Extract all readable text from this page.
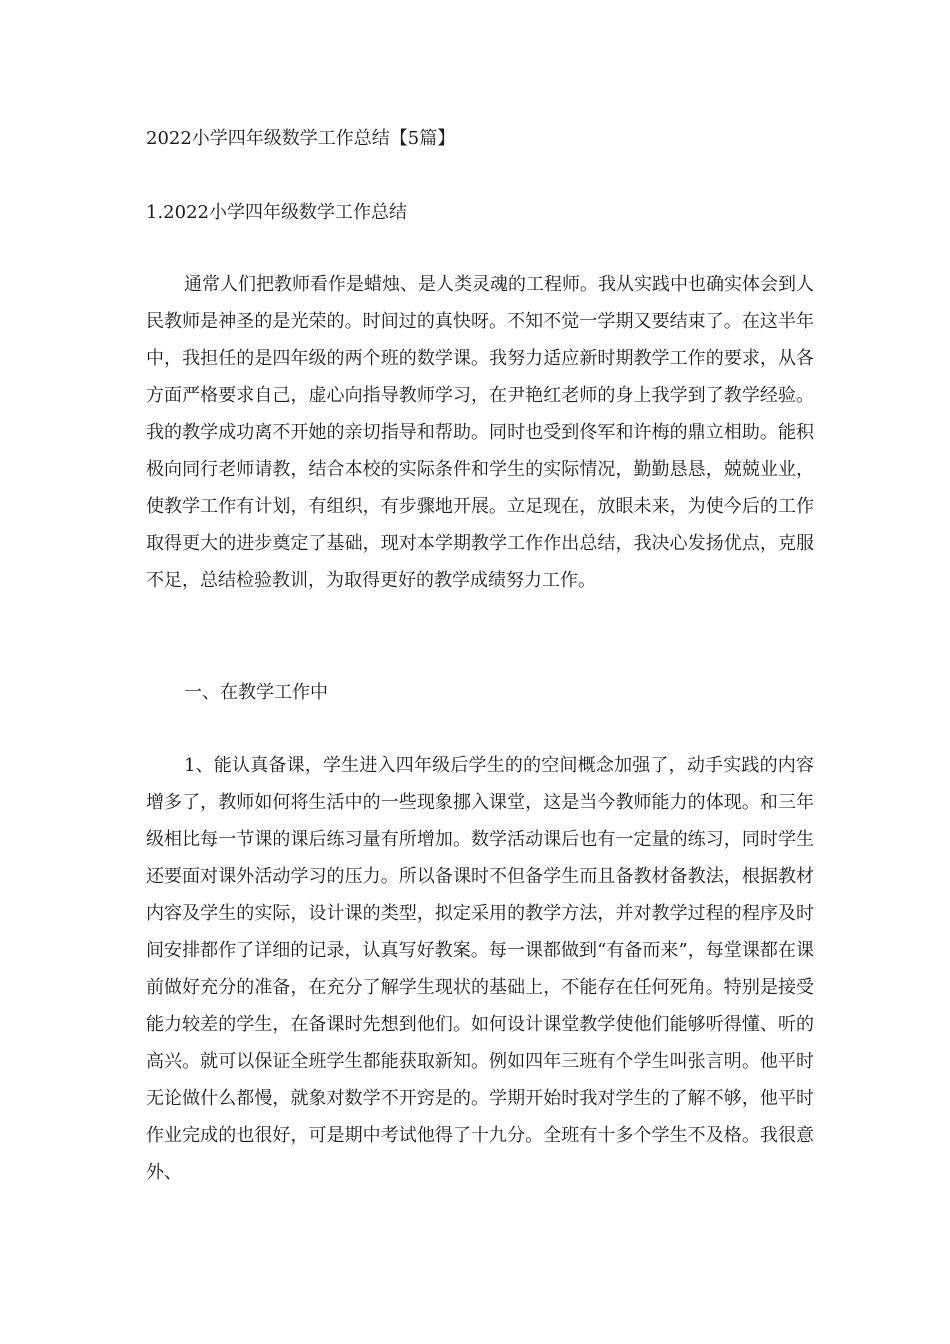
2022小学四年级数学工作总结【5篇】
1.2022小学四年级数学工作总结

通常人们把教师看作是蜡烛、是人类灵魂的工程师。我从实践中也确实体会到人民教师是神圣的是光荣的。时间过的真快呀。不知不觉一学期又要结束了。在这半年中，我担任的是四年级的两个班的数学课。我努力适应新时期教学工作的要求，从各方面严格要求自己，虚心向指导教师学习，在尹艳红老师的身上我学到了教学经验。我的教学成功离不开她的亲切指导和帮助。同时也受到佟军和许梅的鼎立相助。能积极向同行老师请教，结合本校的实际条件和学生的实际情况，勤勤恳恳，兢兢业业，使教学工作有计划，有组织，有步骤地开展。立足现在，放眼未来，为使今后的工作取得更大的进步奠定了基础，现对本学期教学工作作出总结，我决心发扬优点，克服不足，总结检验教训，为取得更好的教学成绩努力工作。

一、在教学工作中

1、能认真备课，学生进入四年级后学生的的空间概念加强了，动手实践的内容增多了，教师如何将生活中的一些现象挪入课堂，这是当今教师能力的体现。和三年级相比每一节课的课后练习量有所增加。数学活动课后也有一定量的练习，同时学生还要面对课外活动学习的压力。所以备课时不但备学生而且备教材备教法，根据教材内容及学生的实际，设计课的类型，拟定采用的教学方法，并对教学过程的程序及时间安排都作了详细的记录，认真写好教案。每一课都做到“有备而来”，每堂课都在课前做好充分的准备，在充分了解学生现状的基础上，不能存在任何死角。特别是接受能力较差的学生，在备课时先想到他们。如何设计课堂教学使他们能够听得懂、听的高兴。就可以保证全班学生都能获取新知。例如四年三班有个学生叫张言明。他平时无论做什么都慢，就象对数学不开窍是的。学期开始时我对学生的了解不够，他平时作业完成的也很好，可是期中考试他得了十九分。全班有十多个学生不及格。我很意外、
